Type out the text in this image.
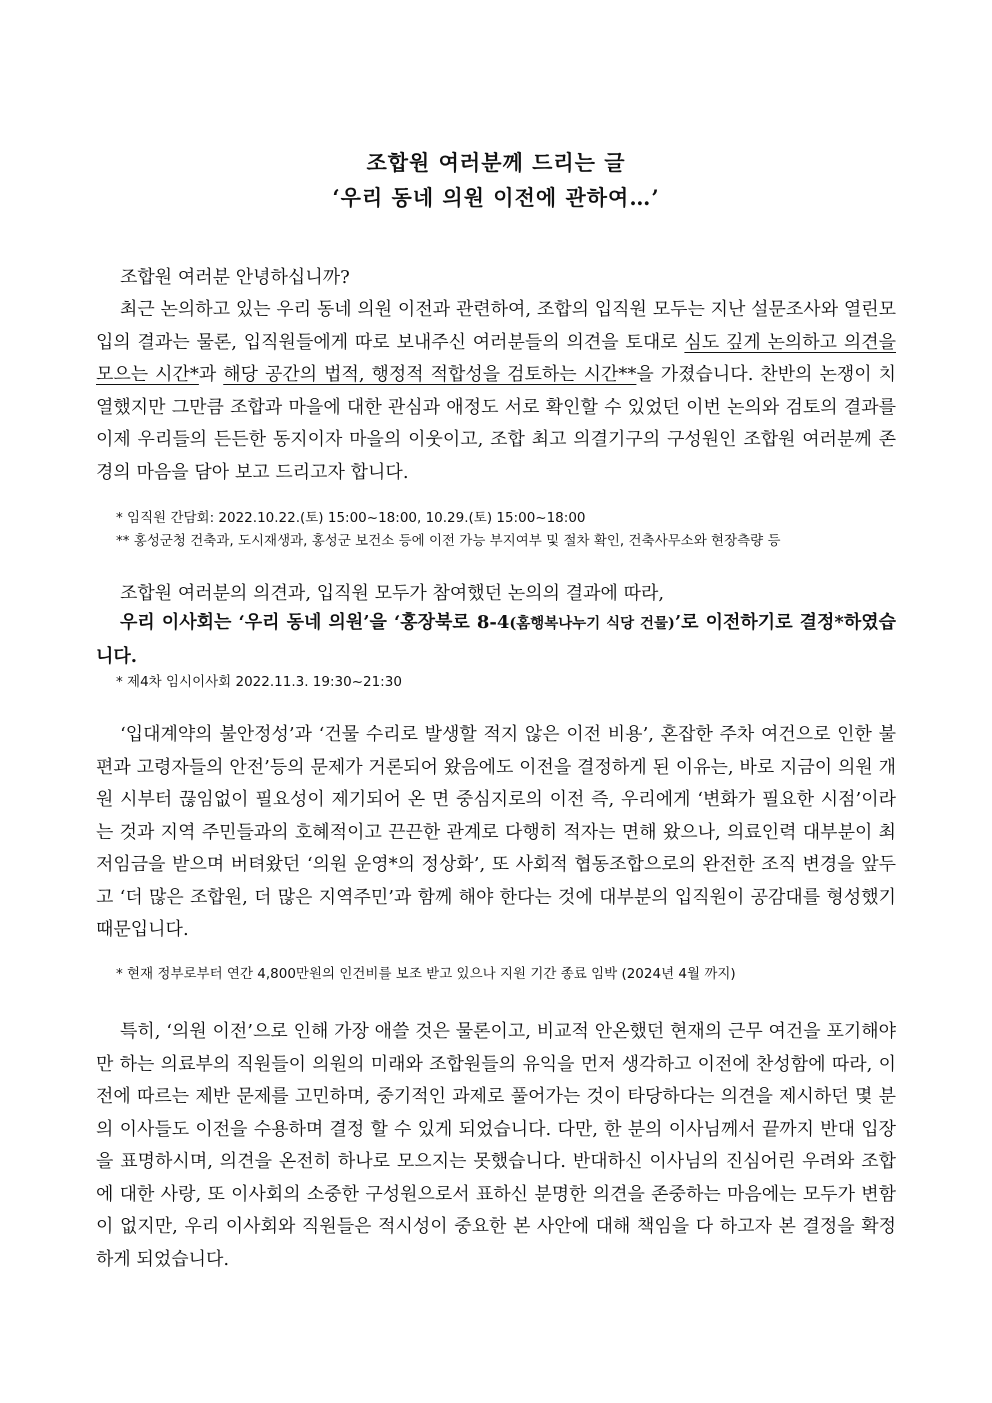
조합원 여러분께 드리는 글
‘우리 동네 의원 이전에 관하여…’
조합원 여러분 안녕하십니까?
최근 논의하고 있는 우리 동네 의원 이전과 관련하여, 조합의 입직원 모두는 지난 설문조사와 열린모입의 결과는 물론, 입직원들에게 따로 보내주신 여러분들의 의견을 토대로 심도 깊게 논의하고 의견을 모으는 시간*과 해당 공간의 법적, 행정적 적합성을 검토하는 시간**을 가졌습니다. 찬반의 논쟁이 치열했지만 그만큼 조합과 마을에 대한 관심과 애정도 서로 확인할 수 있었던 이번 논의와 검토의 결과를 이제 우리들의 든든한 동지이자 마을의 이웃이고, 조합 최고 의결기구의 구성원인 조합원 여러분께 존경의 마음을 담아 보고 드리고자 합니다.
* 임직원 간담회: 2022.10.22.(토) 15:00~18:00, 10.29.(토) 15:00~18:00
** 홍성군청 건축과, 도시재생과, 홍성군 보건소 등에 이전 가능 부지여부 및 절차 확인, 건축사무소와 현장측량 등
조합원 여러분의 의견과, 입직원 모두가 참여했던 논의의 결과에 따라,
우리 이사회는 ‘우리 동네 의원’을 ‘홍장북로 8-4(홈행복나누기 식당 건물)’로 이전하기로 결정*하였습니다.
* 제4차 임시이사회 2022.11.3. 19:30~21:30
‘입대계약의 불안정성’과 ‘건물 수리로 발생할 적지 않은 이전 비용’, 혼잡한 주차 여건으로 인한 불편과 고령자들의 안전’등의 문제가 거론되어 왔음에도 이전을 결정하게 된 이유는, 바로 지금이 의원 개원 시부터 끊임없이 필요성이 제기되어 온 면 중심지로의 이전 즉, 우리에게 ‘변화가 필요한 시점’이라는 것과 지역 주민들과의 호혜적이고 끈끈한 관계로 다행히 적자는 면해 왔으나, 의료인력 대부분이 최저임금을 받으며 버텨왔던 ‘의원 운영*의 정상화’, 또 사회적 협동조합으로의 완전한 조직 변경을 앞두고 ‘더 많은 조합원, 더 많은 지역주민’과 함께 해야 한다는 것에 대부분의 입직원이 공감대를 형성했기 때문입니다.
* 현재 정부로부터 연간 4,800만원의 인건비를 보조 받고 있으나 지원 기간 종료 임박 (2024년 4월 까지)
특히, ‘의원 이전’으로 인해 가장 애쓸 것은 물론이고, 비교적 안온했던 현재의 근무 여건을 포기해야만 하는 의료부의 직원들이 의원의 미래와 조합원들의 유익을 먼저 생각하고 이전에 찬성함에 따라, 이전에 따르는 제반 문제를 고민하며, 중기적인 과제로 풀어가는 것이 타당하다는 의견을 제시하던 몇 분의 이사들도 이전을 수용하며 결정 할 수 있게 되었습니다. 다만, 한 분의 이사님께서 끝까지 반대 입장을 표명하시며, 의견을 온전히 하나로 모으지는 못했습니다. 반대하신 이사님의 진심어린 우려와 조합에 대한 사랑, 또 이사회의 소중한 구성원으로서 표하신 분명한 의견을 존중하는 마음에는 모두가 변함이 없지만, 우리 이사회와 직원들은 적시성이 중요한 본 사안에 대해 책임을 다 하고자 본 결정을 확정하게 되었습니다.
